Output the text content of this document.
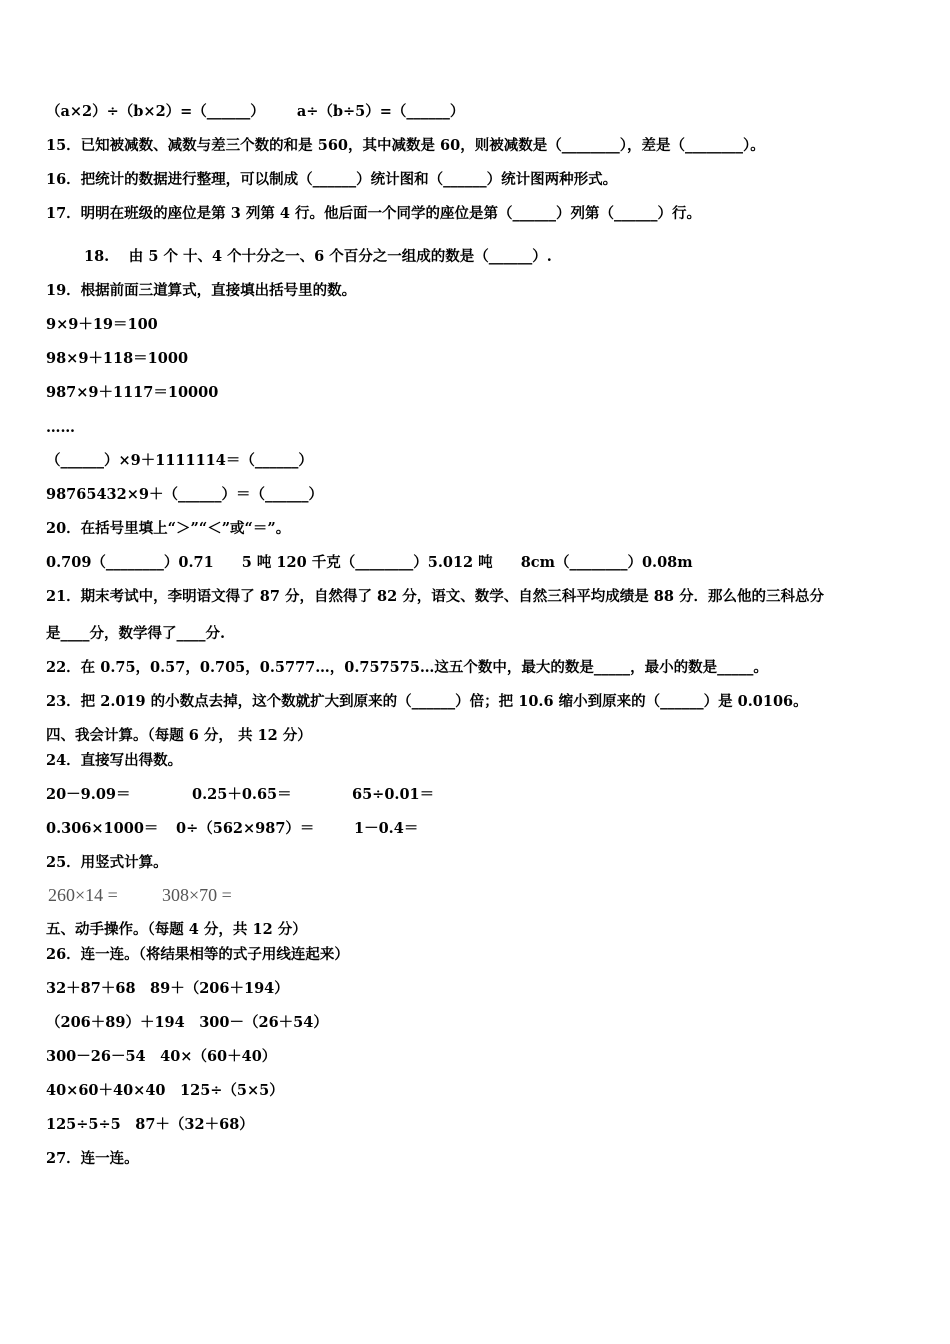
（a×2）÷（b×2）=（______） a÷（b÷5）=（______）
15．已知被减数、减数与差三个数的和是 560，其中减数是 60，则被减数是（________），差是（________）。
16．把统计的数据进行整理，可以制成（______）统计图和（______）统计图两种形式。
17．明明在班级的座位是第 3 列第 4 行。他后面一个同学的座位是第（______）列第（______）行。
18.　 由 5 个 十、4 个十分之一、6 个百分之一组成的数是（______）.
19．根据前面三道算式，直接填出括号里的数。
9×9＋19＝100
98×9＋118＝1000
987×9＋1117＝10000
……
（______）×9＋1111114＝（______）
98765432×9＋（______）＝（______）
20．在括号里填上“＞”“＜”或“＝”。
0.709（________）0.71 5 吨 120 千克（________）5.012 吨 8cm（________）0.08m
21．期末考试中，李明语文得了 87 分，自然得了 82 分，语文、数学、自然三科平均成绩是 88 分．那么他的三科总分
是____分，数学得了____分.
22．在 0.75，0.57，0.705，0.5777…，0.757575…这五个数中，最大的数是_____，最小的数是_____。
23．把 2.019 的小数点去掉，这个数就扩大到原来的（______）倍；把 10.6 缩小到原来的（______）是 0.0106。
四、我会计算。（每题 6 分， 共 12 分）
24．直接写出得数。
20－9.09＝	0.25＋0.65＝	65÷0.01＝
0.306×1000＝ 0÷（562×987）＝	1－0.4＝
25．用竖式计算。
260×14 = 308×70 =
五、动手操作。（每题 4 分，共 12 分）
26．连一连。（将结果相等的式子用线连起来）
32＋87＋68　89＋（206＋194）
（206＋89）＋194　300－（26＋54）
300－26－54　40×（60＋40）
40×60＋40×40　125÷（5×5）
125÷5÷5　87＋（32＋68）
27．连一连。
